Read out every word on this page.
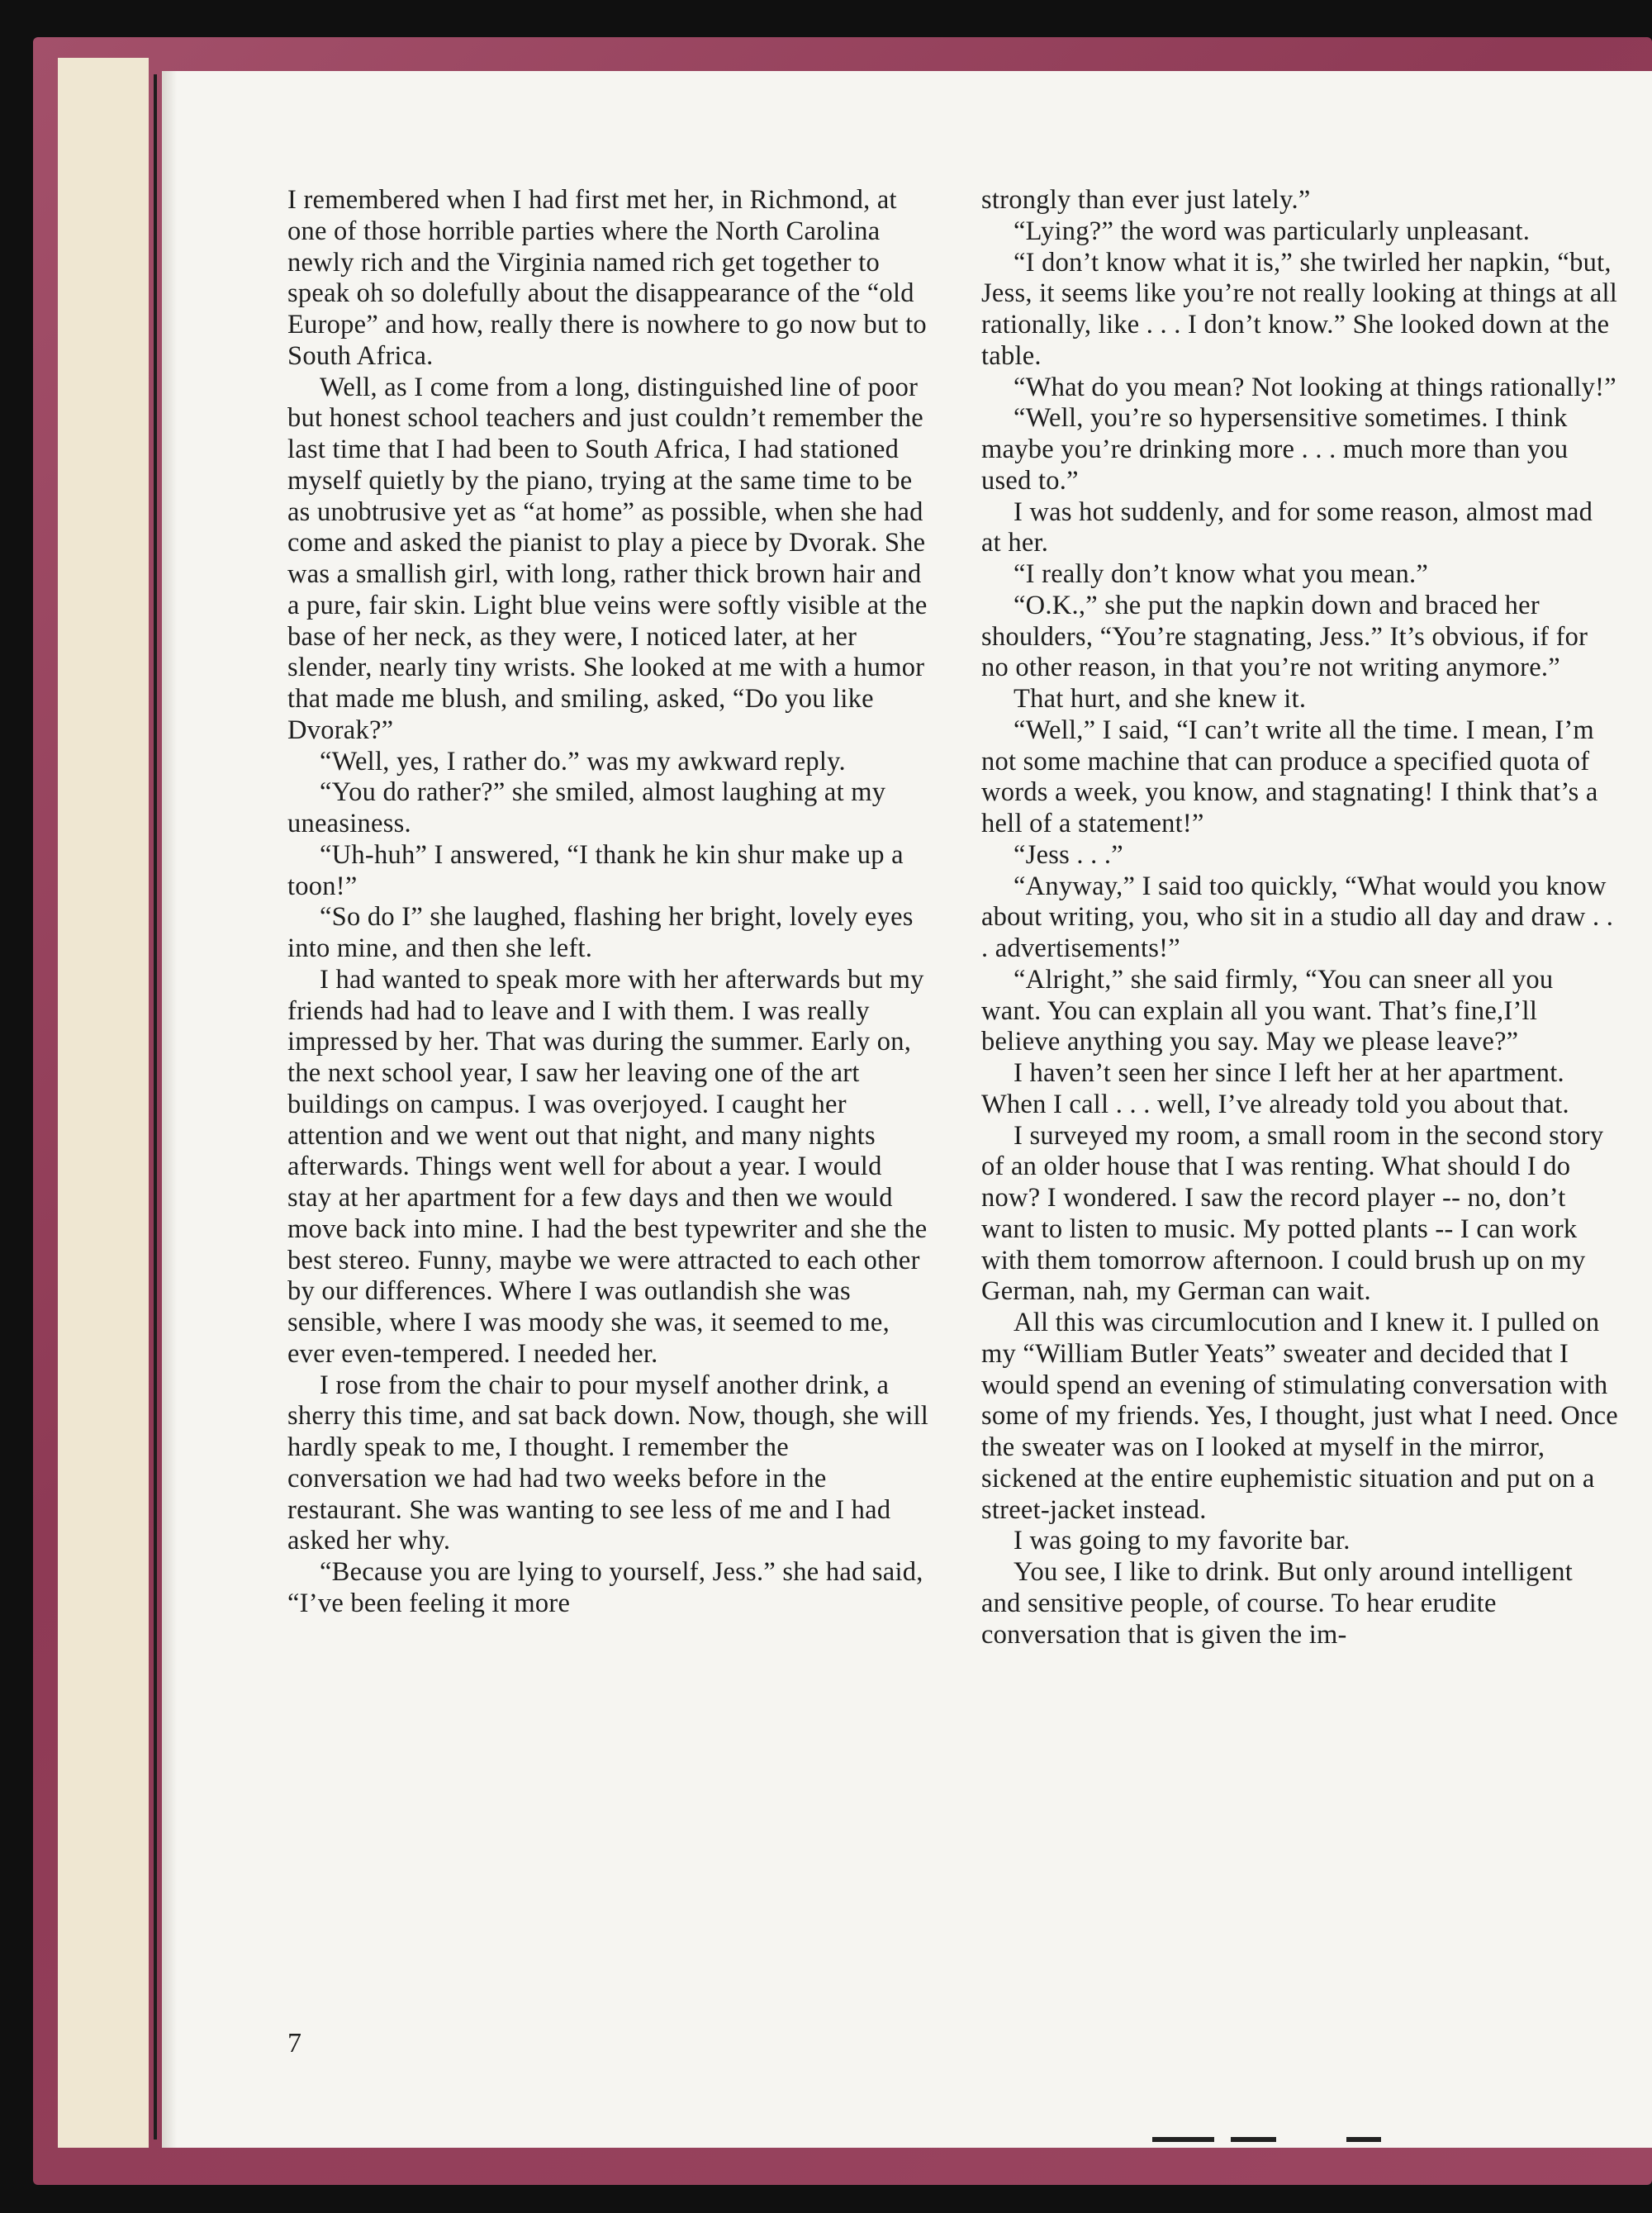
I remembered when I had first met her, in Richmond, at one of those horrible parties where the North Carolina newly rich and the Virginia named rich get together to speak oh so dolefully about the disappearance of the “old Europe” and how, really there is nowhere to go now but to South Africa.

Well, as I come from a long, distinguished line of poor but honest school teachers and just couldn’t remember the last time that I had been to South Africa, I had stationed myself quietly by the piano, trying at the same time to be as unobtrusive yet as “at home” as possible, when she had come and asked the pianist to play a piece by Dvorak. She was a smallish girl, with long, rather thick brown hair and a pure, fair skin. Light blue veins were softly visible at the base of her neck, as they were, I noticed later, at her slender, nearly tiny wrists. She looked at me with a humor that made me blush, and smiling, asked, “Do you like Dvorak?”

“Well, yes, I rather do.” was my awkward reply.

“You do rather?” she smiled, almost laughing at my uneasiness.

“Uh-huh” I answered, “I thank he kin shur make up a toon!”

“So do I” she laughed, flashing her bright, lovely eyes into mine, and then she left.

I had wanted to speak more with her afterwards but my friends had had to leave and I with them. I was really impressed by her. That was during the summer. Early on, the next school year, I saw her leaving one of the art buildings on campus. I was overjoyed. I caught her attention and we went out that night, and many nights afterwards. Things went well for about a year. I would stay at her apartment for a few days and then we would move back into mine. I had the best typewriter and she the best stereo. Funny, maybe we were attracted to each other by our differences. Where I was outlandish she was sensible, where I was moody she was, it seemed to me, ever even-tempered. I needed her.

I rose from the chair to pour myself another drink, a sherry this time, and sat back down. Now, though, she will hardly speak to me, I thought. I remember the conversation we had had two weeks before in the restaurant. She was wanting to see less of me and I had asked her why.

“Because you are lying to yourself, Jess.” she had said, “I’ve been feeling it more

strongly than ever just lately.”

“Lying?” the word was particularly unpleasant.

“I don’t know what it is,” she twirled her napkin, “but, Jess, it seems like you’re not really looking at things at all rationally, like . . . I don’t know.” She looked down at the table.

“What do you mean? Not looking at things rationally!”

“Well, you’re so hypersensitive sometimes. I think maybe you’re drinking more . . . much more than you used to.”

I was hot suddenly, and for some reason, almost mad at her.

“I really don’t know what you mean.”

“O.K.,” she put the napkin down and braced her shoulders, “You’re stagnating, Jess.” It’s obvious, if for no other reason, in that you’re not writing anymore.”

That hurt, and she knew it.

“Well,” I said, “I can’t write all the time. I mean, I’m not some machine that can produce a specified quota of words a week, you know, and stagnating! I think that’s a hell of a statement!”

“Jess . . .”

“Anyway,” I said too quickly, “What would you know about writing, you, who sit in a studio all day and draw . . . advertisements!”

“Alright,” she said firmly, “You can sneer all you want. You can explain all you want. That’s fine,I’ll believe anything you say. May we please leave?”

I haven’t seen her since I left her at her apartment. When I call . . . well, I’ve already told you about that.

I surveyed my room, a small room in the second story of an older house that I was renting. What should I do now? I wondered. I saw the record player -- no, don’t want to listen to music. My potted plants -- I can work with them tomorrow afternoon. I could brush up on my German, nah, my German can wait.

All this was circumlocution and I knew it. I pulled on my “William Butler Yeats” sweater and decided that I would spend an evening of stimulating conversation with some of my friends. Yes, I thought, just what I need. Once the sweater was on I looked at myself in the mirror, sickened at the entire euphemistic situation and put on a street-jacket instead.

I was going to my favorite bar.

You see, I like to drink. But only around intelligent and sensitive people, of course. To hear erudite conversation that is given the im-

7
